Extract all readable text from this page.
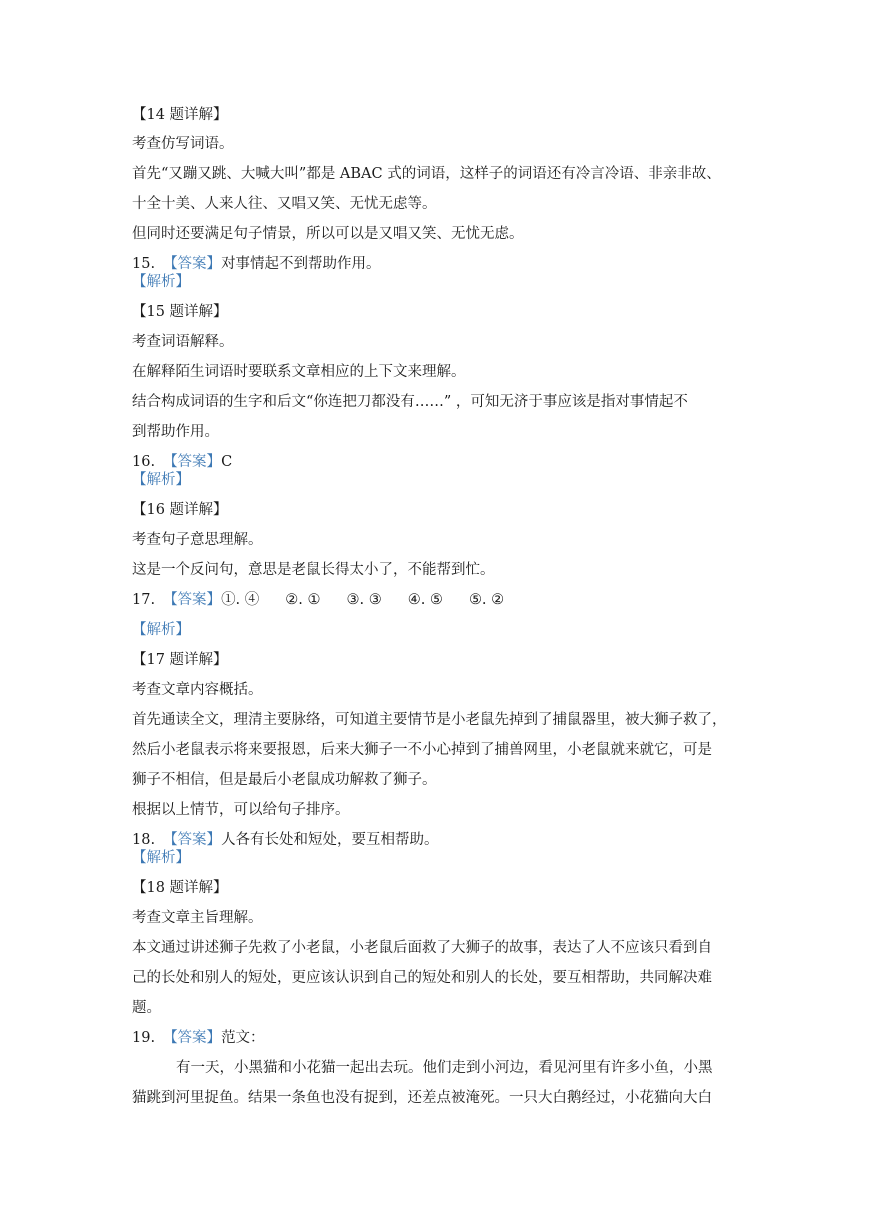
【14 题详解】
考查仿写词语。
首先“又蹦又跳、大喊大叫”都是 ABAC 式的词语，这样子的词语还有冷言冷语、非亲非故、
十全十美、人来人往、又唱又笑、无忧无虑等。
但同时还要满足句子情景，所以可以是又唱又笑、无忧无虑。
15. 【答案】对事情起不到帮助作用。
【解析】
【15 题详解】
考查词语解释。
在解释陌生词语时要联系文章相应的上下文来理解。
结合构成词语的生字和后文“你连把刀都没有……” ，可知无济于事应该是指对事情起不
到帮助作用。
16. 【答案】C
【解析】
【16 题详解】
考查句子意思理解。
这是一个反问句，意思是老鼠长得太小了，不能帮到忙。
17. 【答案】①. ④ ②. ① ③. ③ ④. ⑤ ⑤. ②
【解析】
【17 题详解】
考查文章内容概括。
首先通读全文，理清主要脉络，可知道主要情节是小老鼠先掉到了捕鼠器里，被大狮子救了，
然后小老鼠表示将来要报恩，后来大狮子一不小心掉到了捕兽网里，小老鼠就来就它，可是
狮子不相信，但是最后小老鼠成功解救了狮子。
根据以上情节，可以给句子排序。
18. 【答案】人各有长处和短处，要互相帮助。
【解析】
【18 题详解】
考查文章主旨理解。
本文通过讲述狮子先救了小老鼠，小老鼠后面救了大狮子的故事，表达了人不应该只看到自
己的长处和别人的短处，更应该认识到自己的短处和别人的长处，要互相帮助，共同解决难
题。
19. 【答案】范文：
有一天，小黑猫和小花猫一起出去玩。他们走到小河边，看见河里有许多小鱼，小黑
猫跳到河里捉鱼。结果一条鱼也没有捉到，还差点被淹死。一只大白鹅经过，小花猫向大白
